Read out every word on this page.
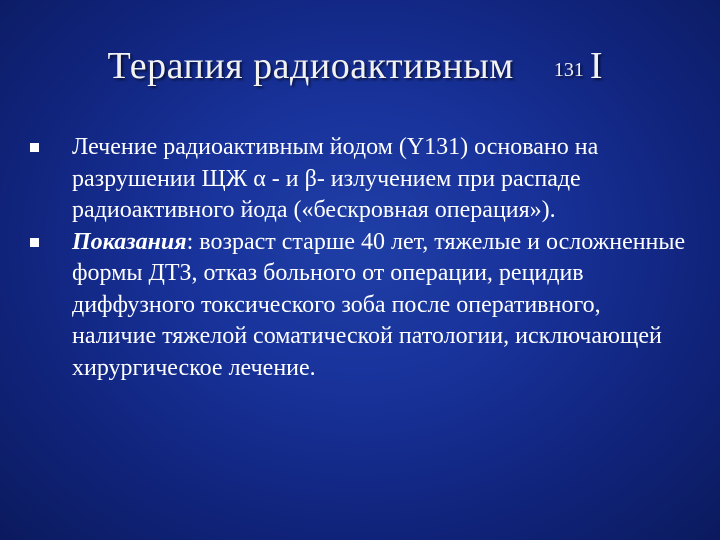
Терапия радиоактивным 131 I
Лечение радиоактивным йодом (Y131) основано на разрушении ЩЖ α - и β- излучением при распаде радиоактивного йода («бескровная операция»).
Показания: возраст старше 40 лет, тяжелые и осложненные формы ДТЗ, отказ больного от операции, рецидив диффузного токсического зоба после оперативного, наличие тяжелой соматической патологии, исключающей хирургическое лечение.
